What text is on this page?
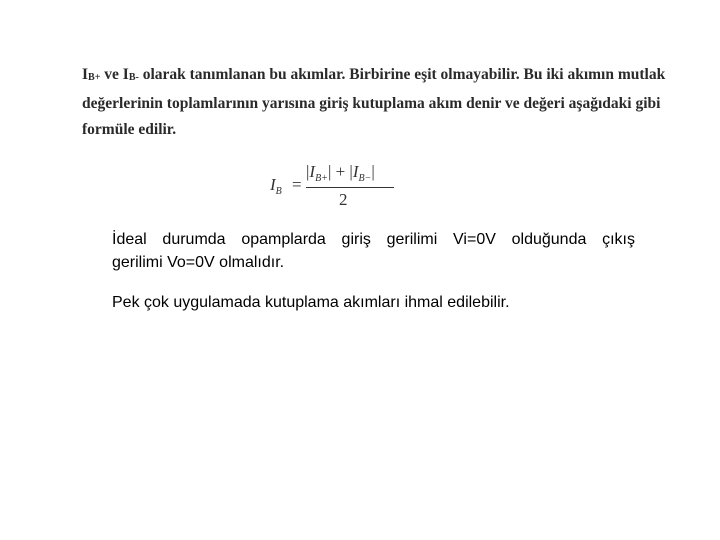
IB+ ve IB- olarak tanımlanan bu akımlar. Birbirine eşit olmayabilir. Bu iki akımın mutlak
değerlerinin toplamlarının yarısına giriş kutuplama akım denir ve değeri aşağıdaki gibi
formüle edilir.
$I_B$ =
$|I_{B+}| + |I_{B-}|$
2
İdeal durumda opamplarda giriş gerilimi Vi=0V olduğunda çıkış
gerilimi Vo=0V olmalıdır.
Pek çok uygulamada kutuplama akımları ihmal edilebilir.
